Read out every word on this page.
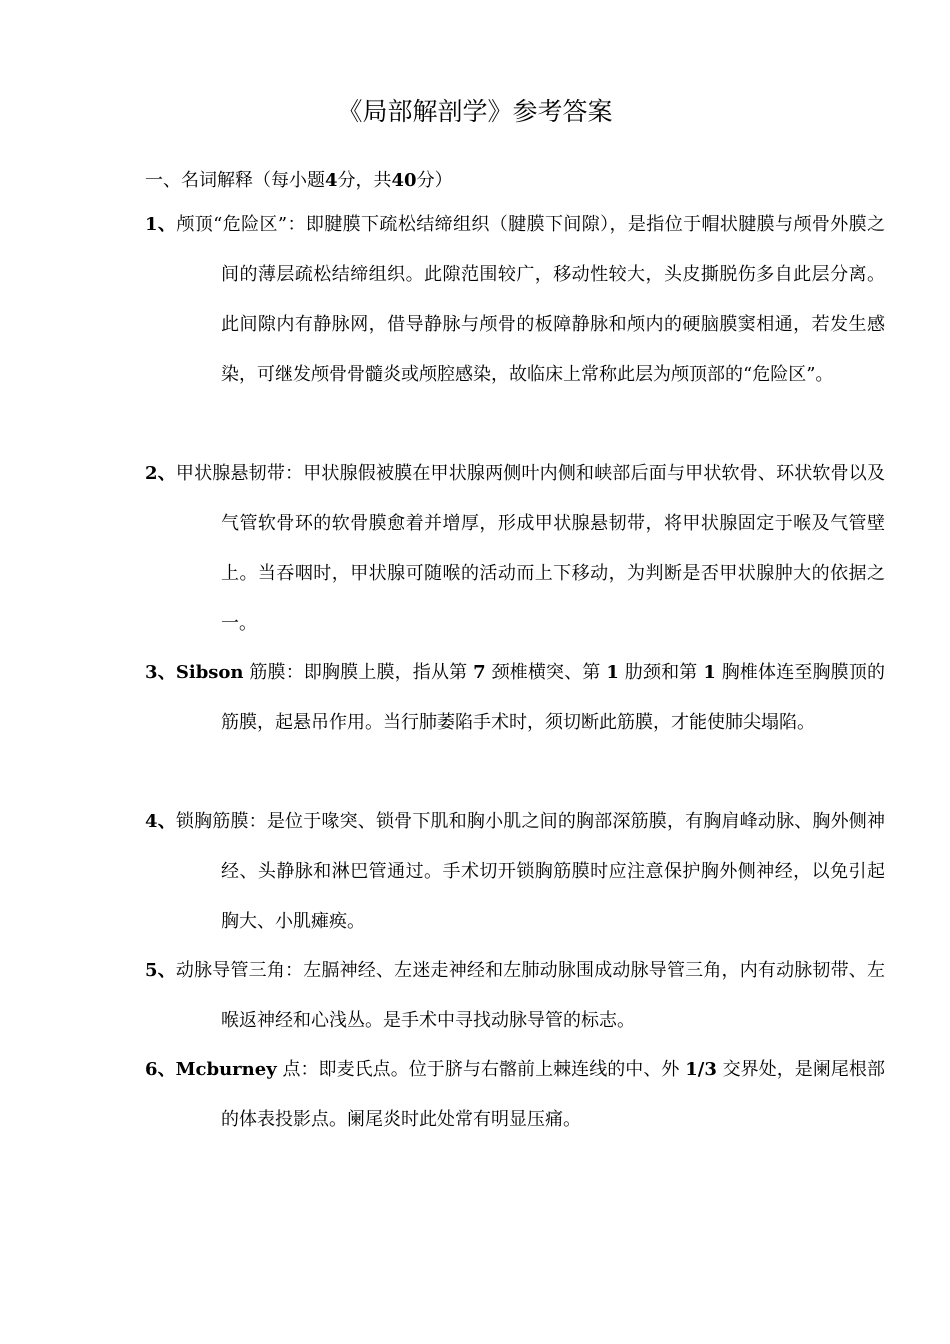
《局部解剖学》参考答案

一、名词解释（每小题4分，共40分）

1、颅顶“危险区”：即腱膜下疏松结缔组织（腱膜下间隙），是指位于帽状腱膜与颅骨外膜之间的薄层疏松结缔组织。此隙范围较广，移动性较大，头皮撕脱伤多自此层分离。此间隙内有静脉网，借导静脉与颅骨的板障静脉和颅内的硬脑膜窦相通，若发生感染，可继发颅骨骨髓炎或颅腔感染，故临床上常称此层为颅顶部的“危险区”。

2、甲状腺悬韧带：甲状腺假被膜在甲状腺两侧叶内侧和峡部后面与甲状软骨、环状软骨以及气管软骨环的软骨膜愈着并增厚，形成甲状腺悬韧带，将甲状腺固定于喉及气管壁上。当吞咽时，甲状腺可随喉的活动而上下移动，为判断是否甲状腺肿大的依据之一。

3、Sibson 筋膜：即胸膜上膜，指从第 7 颈椎横突、第 1 肋颈和第 1 胸椎体连至胸膜顶的筋膜，起悬吊作用。当行肺萎陷手术时，须切断此筋膜，才能使肺尖塌陷。

4、锁胸筋膜：是位于喙突、锁骨下肌和胸小肌之间的胸部深筋膜，有胸肩峰动脉、胸外侧神经、头静脉和淋巴管通过。手术切开锁胸筋膜时应注意保护胸外侧神经，以免引起胸大、小肌瘫痪。

5、动脉导管三角：左膈神经、左迷走神经和左肺动脉围成动脉导管三角，内有动脉韧带、左喉返神经和心浅丛。是手术中寻找动脉导管的标志。

6、Mcburney 点：即麦氏点。位于脐与右髂前上棘连线的中、外 1/3 交界处，是阑尾根部的体表投影点。阑尾炎时此处常有明显压痛。
